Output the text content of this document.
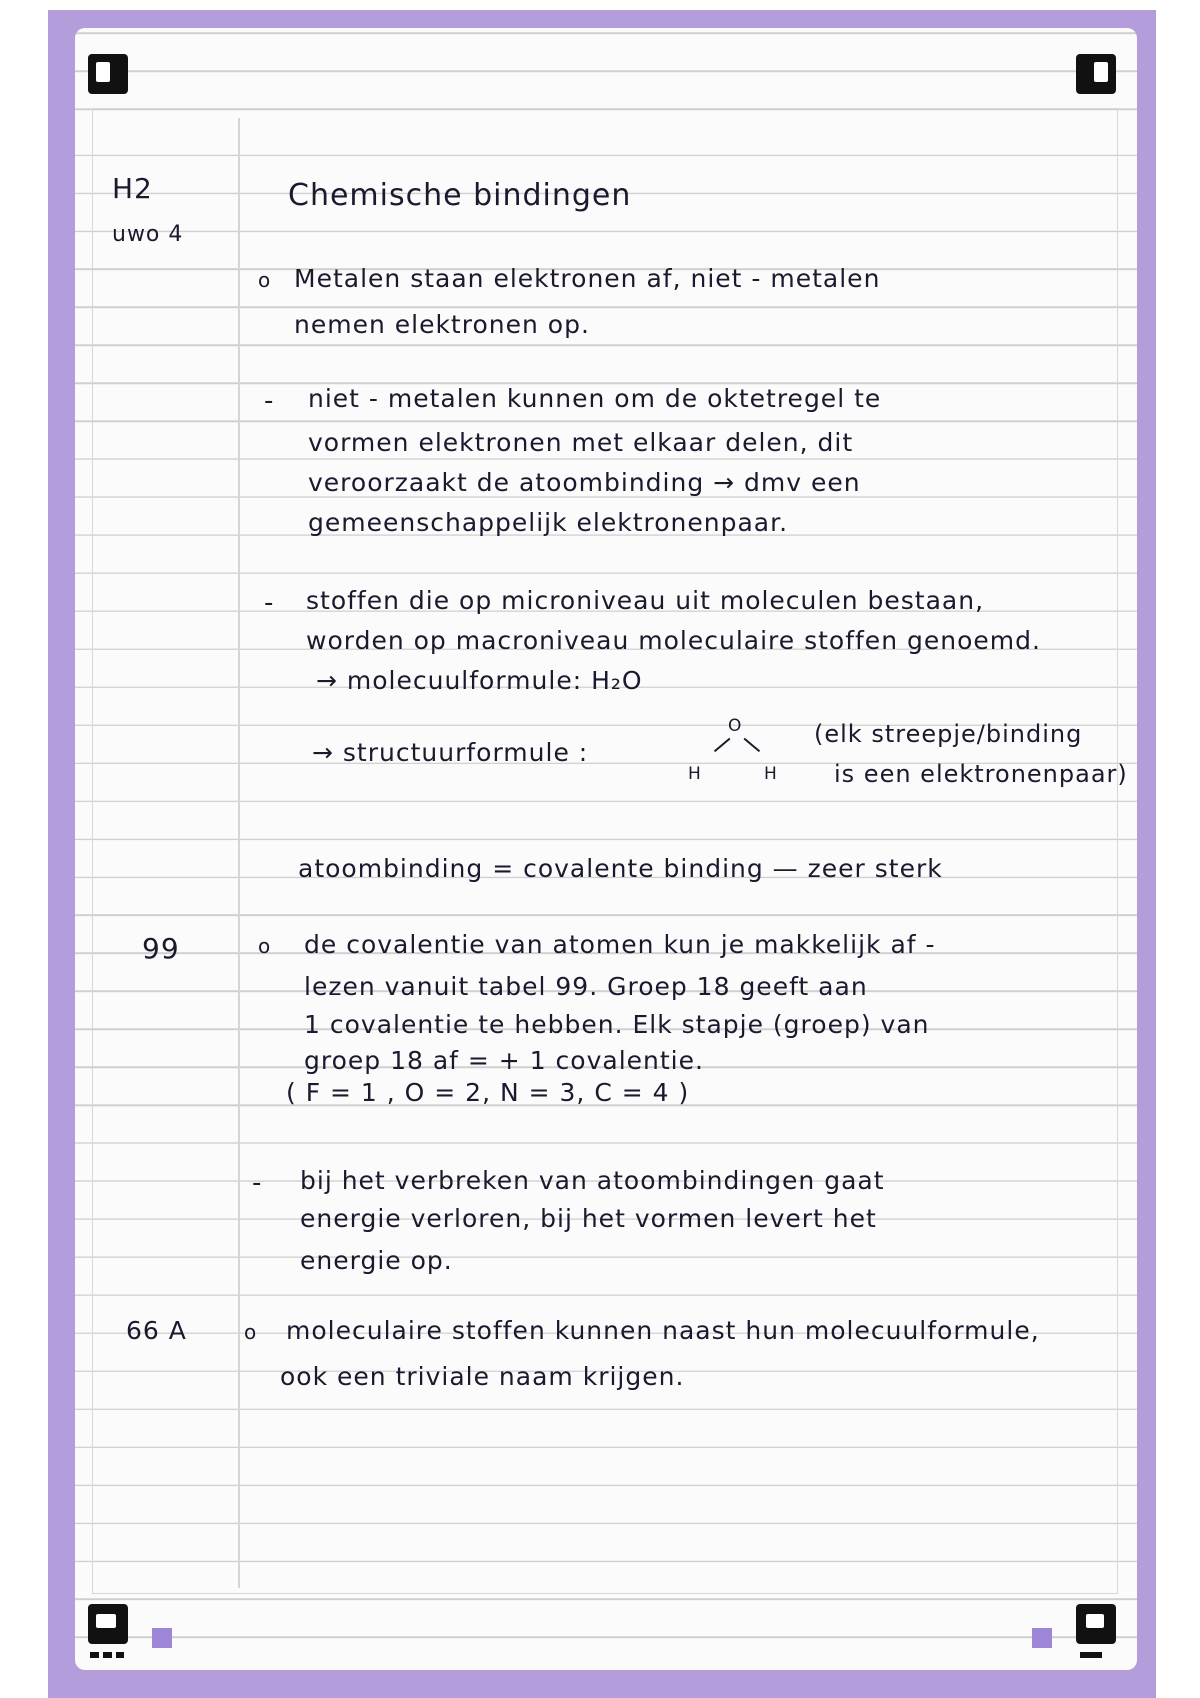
H2
uwo 4
99
66 A
Chemische bindingen
o Metalen staan elektronen af, niet - metalen
nemen elektronen op.
- niet - metalen kunnen om de oktetregel te
vormen elektronen met elkaar delen, dit
veroorzaakt de atoombinding → dmv een
gemeenschappelijk elektronenpaar.
- stoffen die op microniveau uit moleculen bestaan,
worden op macroniveau moleculaire stoffen genoemd.
→ molecuulformule: H₂O
→ structuurformule :
O
H	H
(elk streepje/binding
is een elektronenpaar)
atoombinding = covalente binding — zeer sterk
o de covalentie van atomen kun je makkelijk af -
lezen vanuit tabel 99. Groep 18 geeft aan
1 covalentie te hebben. Elk stapje (groep) van
groep 18 af = + 1 covalentie.
( F = 1 , O = 2, N = 3, C = 4 )
- bij het verbreken van atoombindingen gaat
energie verloren, bij het vormen levert het
energie op.
o moleculaire stoffen kunnen naast hun molecuulformule,
ook een triviale naam krijgen.
